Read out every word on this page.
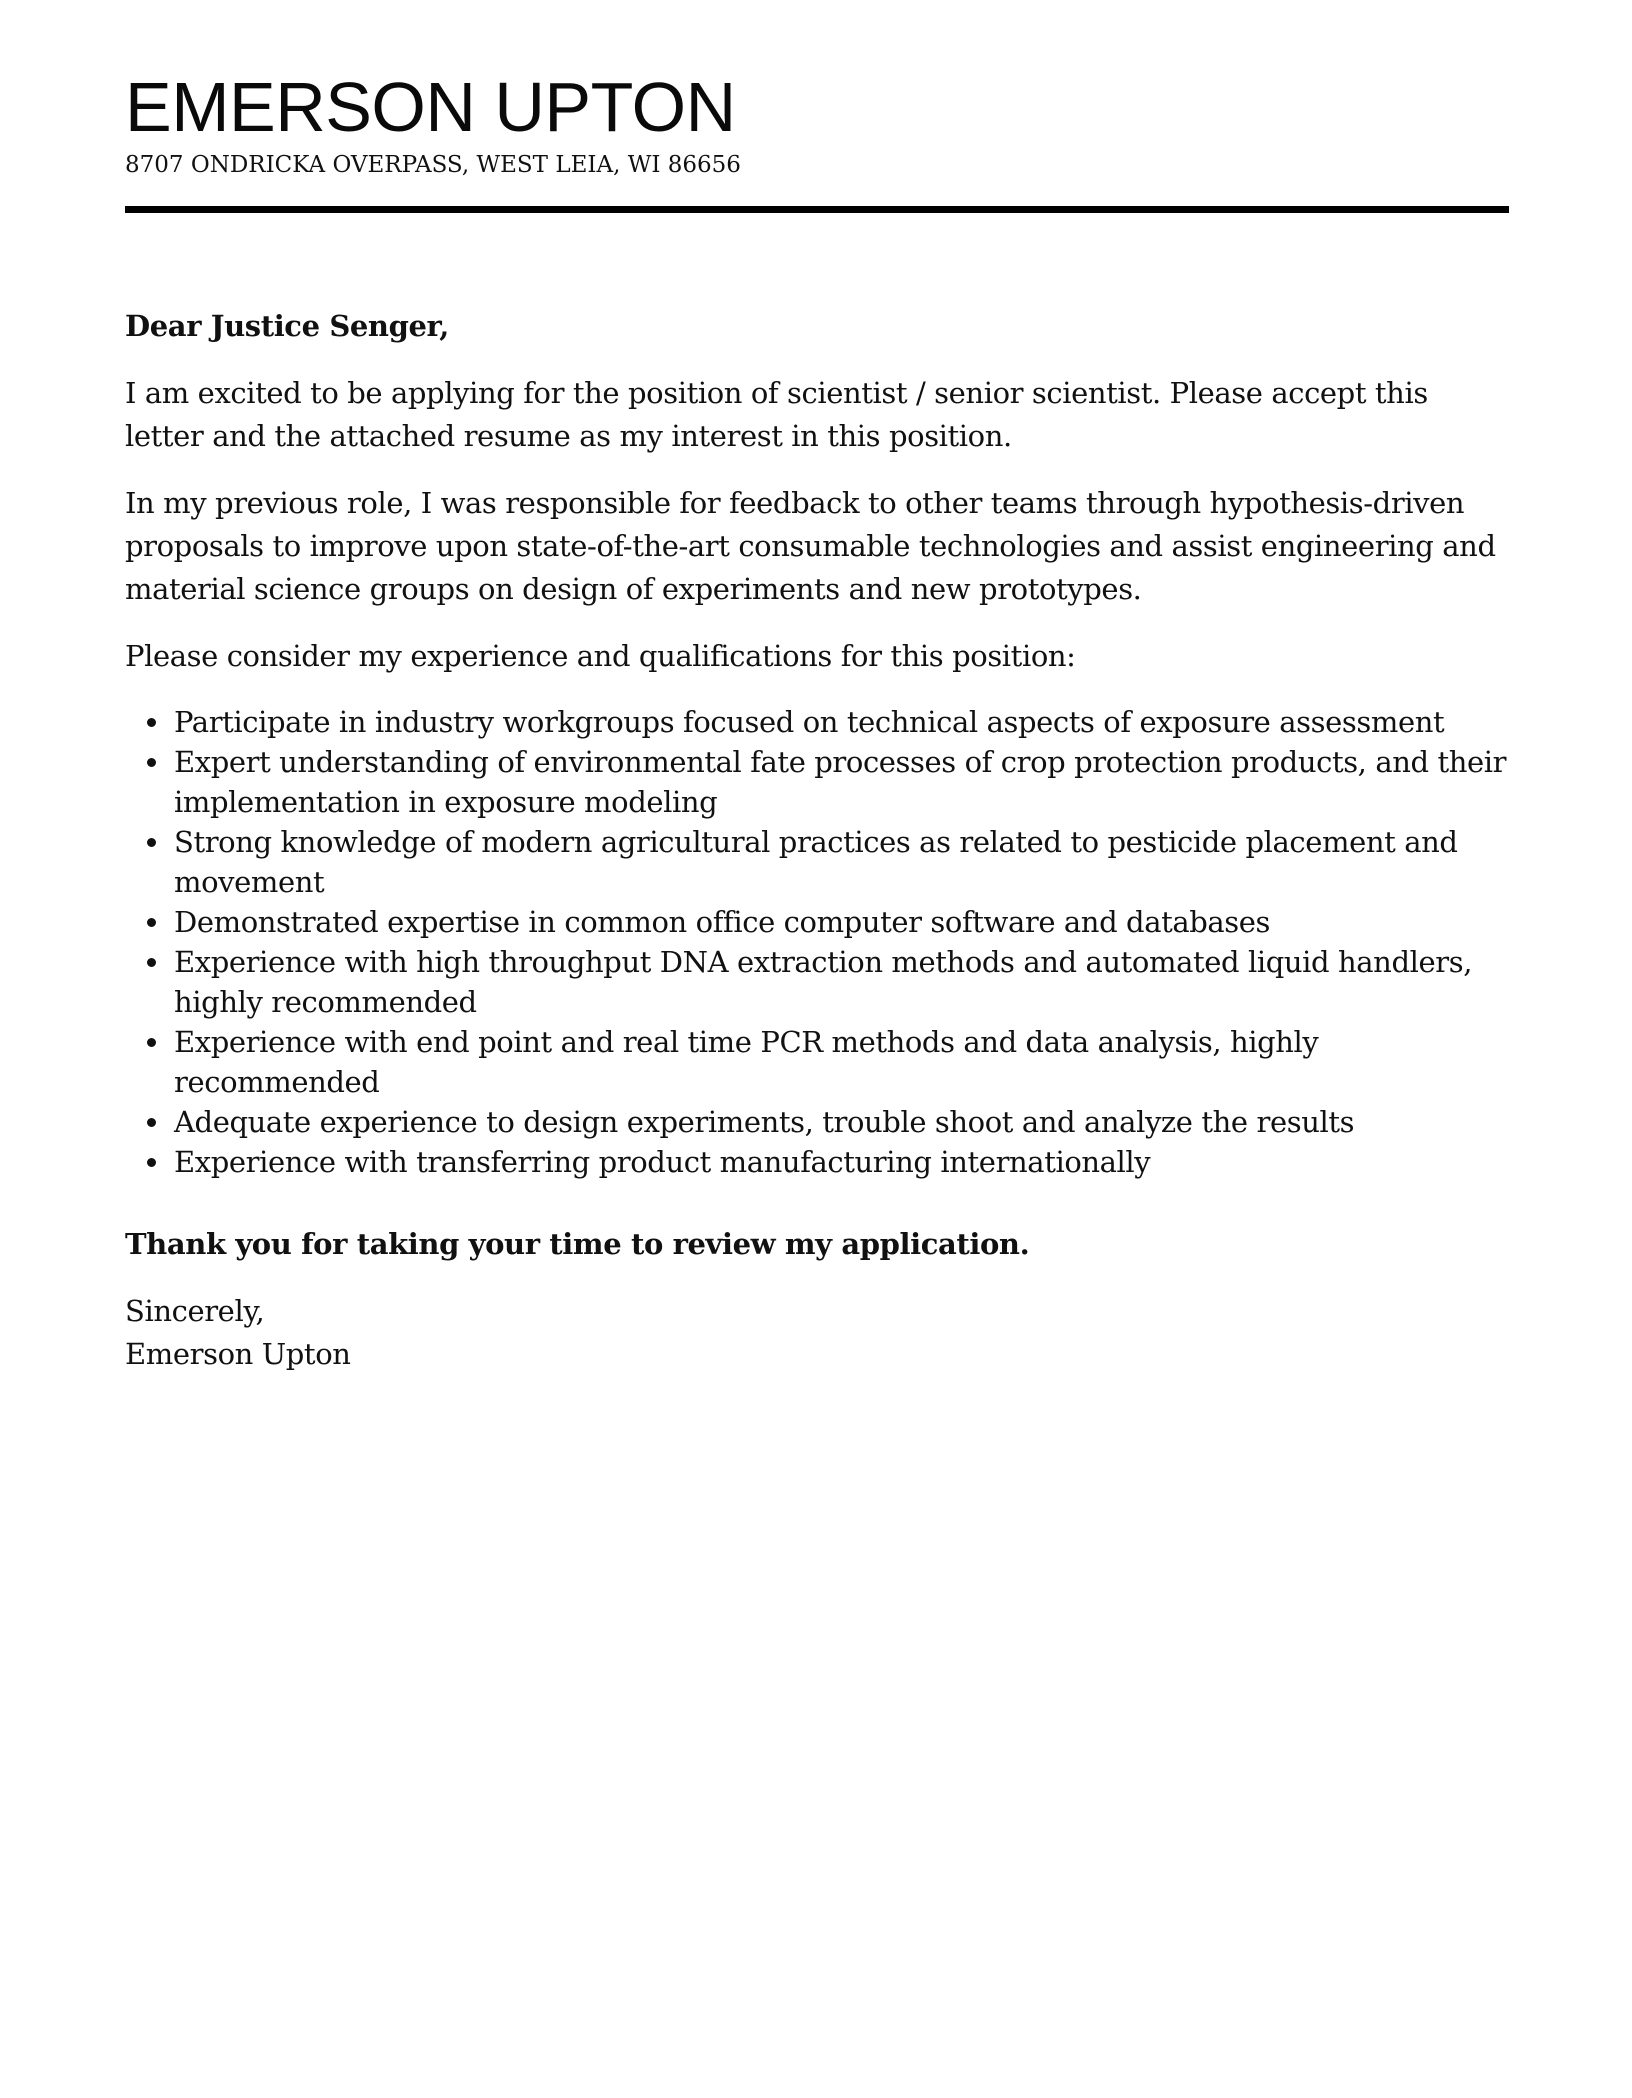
EMERSON UPTON

8707 ONDRICKA OVERPASS, WEST LEIA, WI 86656

Dear Justice Senger,

I am excited to be applying for the position of scientist / senior scientist. Please accept this letter and the attached resume as my interest in this position.

In my previous role, I was responsible for feedback to other teams through hypothesis-driven proposals to improve upon state-of-the-art consumable technologies and assist engineering and material science groups on design of experiments and new prototypes.

Please consider my experience and qualifications for this position:

• Participate in industry workgroups focused on technical aspects of exposure assessment
• Expert understanding of environmental fate processes of crop protection products, and their implementation in exposure modeling
• Strong knowledge of modern agricultural practices as related to pesticide placement and movement
• Demonstrated expertise in common office computer software and databases
• Experience with high throughput DNA extraction methods and automated liquid handlers, highly recommended
• Experience with end point and real time PCR methods and data analysis, highly recommended
• Adequate experience to design experiments, trouble shoot and analyze the results
• Experience with transferring product manufacturing internationally

Thank you for taking your time to review my application.

Sincerely,

Emerson Upton
